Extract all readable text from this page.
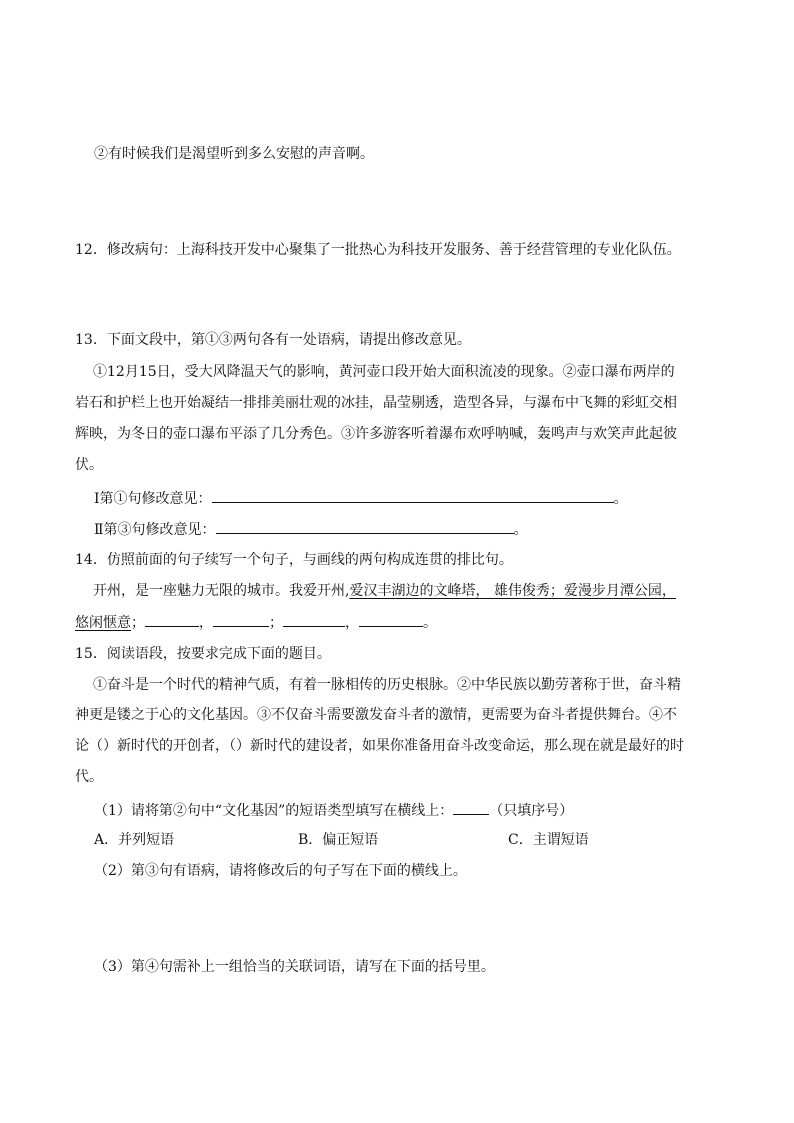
②有时候我们是渴望听到多么安慰的声音啊。
12．修改病句：上海科技开发中心聚集了一批热心为科技开发服务、善于经营管理的专业化队伍。
13．下面文段中，第①③两句各有一处语病，请提出修改意见。
①12月15日，受大风降温天气的影响，黄河壶口段开始大面积流凌的现象。②壶口瀑布两岸的
岩石和护栏上也开始凝结一排排美丽壮观的冰挂，晶莹剔透，造型各异，与瀑布中飞舞的彩虹交相
辉映，为冬日的壶口瀑布平添了几分秀色。③许多游客听着瀑布欢呼呐喊，轰鸣声与欢笑声此起彼
伏。
Ⅰ第①句修改意见：	。
Ⅱ第③句修改意见：	。
14．仿照前面的句子续写一个句子，与画线的两句构成连贯的排比句。
开州，是一座魅力无限的城市。我爱开州,爱汉丰湖边的文峰塔， 雄伟俊秀；爱漫步月潭公园，
悠闲惬意；	，	；	，	。
15．阅读语段，按要求完成下面的题目。
①奋斗是一个时代的精神气质，有着一脉相传的历史根脉。②中华民族以勤劳著称于世，奋斗精
神更是镂之于心的文化基因。③不仅奋斗需要激发奋斗者的激情，更需要为奋斗者提供舞台。④不
论（）新时代的开创者，（）新时代的建设者，如果你准备用奋斗改变命运，那么现在就是最好的时
代。
（1）请将第②句中“文化基因”的短语类型填写在横线上：	（只填序号）
A．并列短语	B．偏正短语	C．主谓短语
（2）第③句有语病，请将修改后的句子写在下面的横线上。
（3）第④句需补上一组恰当的关联词语，请写在下面的括号里。
